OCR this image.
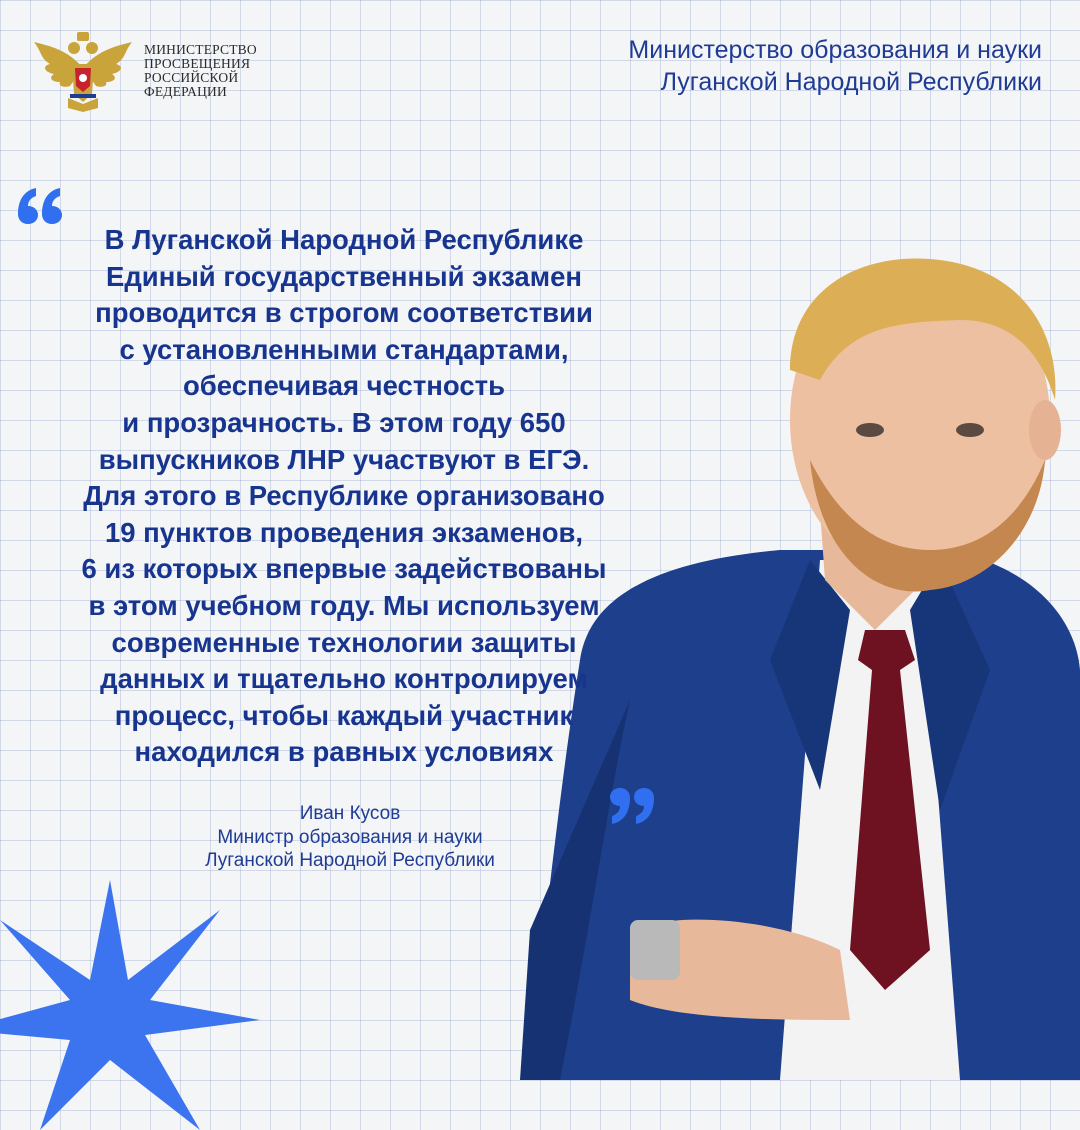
МИНИСТЕРСТВО
ПРОСВЕЩЕНИЯ
РОССИЙСКОЙ
ФЕДЕРАЦИИ
Министерство образования и науки
Луганской Народной Республики
В Луганской Народной Республике
Единый государственный экзамен
проводится в строгом соответствии
с установленными стандартами,
обеспечивая честность
и прозрачность. В этом году 650
выпускников ЛНР участвуют в ЕГЭ.
Для этого в Республике организовано
19 пунктов проведения экзаменов,
6 из которых впервые задействованы
в этом учебном году. Мы используем
современные технологии защиты
данных и тщательно контролируем
процесс, чтобы каждый участник
находился в равных условиях
Иван Кусов
Министр образования и науки
Луганской Народной Республики
